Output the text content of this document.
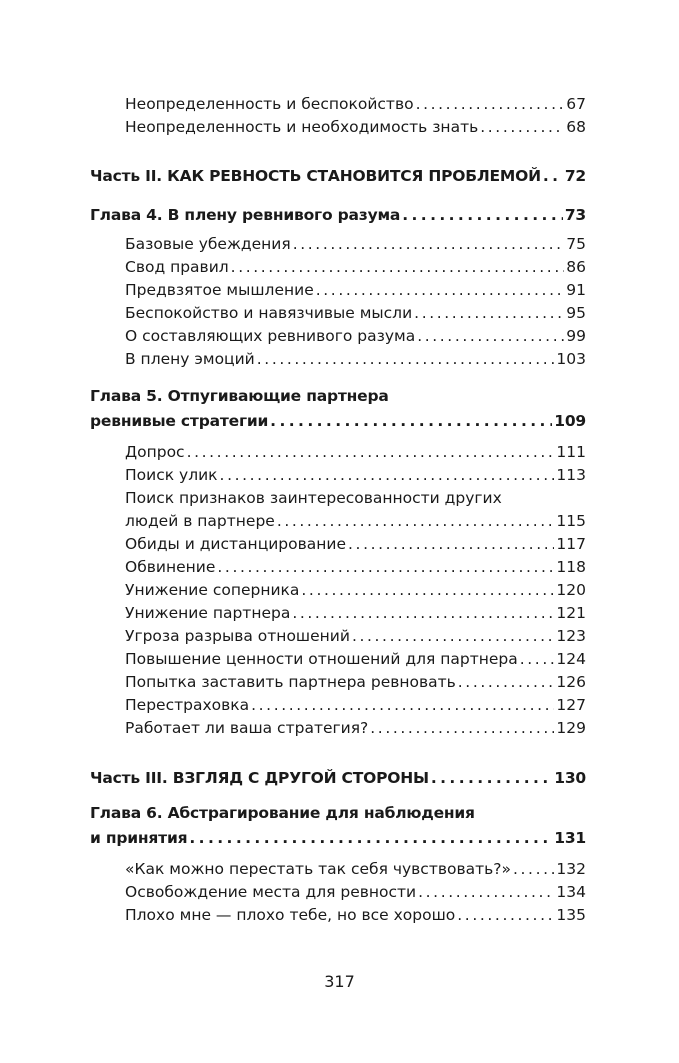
Неопределенность и беспокойство .....	67
Неопределенность и необходимость знать .....	68
Часть II. КАК РЕВНОСТЬ СТАНОВИТСЯ ПРОБЛЕМОЙ ..... 72
Глава 4. В плену ревнивого разума .....	73
Базовые убеждения .....	75
Свод правил .....	86
Предвзятое мышление .....	91
Беспокойство и навязчивые мысли .....	95
О составляющих ревнивого разума .....	99
В плену эмоций .....	103
Глава 5. Отпугивающие партнера
ревнивые стратегии .....	109
Допрос .....	111
Поиск улик .....	113
Поиск признаков заинтересованности других
людей в партнере .....	115
Обиды и дистанцирование .....	117
Обвинение .....	118
Унижение соперника .....	120
Унижение партнера .....	121
Угроза разрыва отношений .....	123
Повышение ценности отношений для партнера ..... 124
Попытка заставить партнера ревновать .....	126
Перестраховка .....	127
Работает ли ваша стратегия? .....	129
Часть III. ВЗГЛЯД С ДРУГОЙ СТОРОНЫ .....	130
Глава 6. Абстрагирование для наблюдения
и принятия .....	131
«Как можно перестать так себя чувствовать?» .....	132
Освобождение места для ревности .....	134
Плохо мне — плохо тебе, но все хорошо .....	135
317
